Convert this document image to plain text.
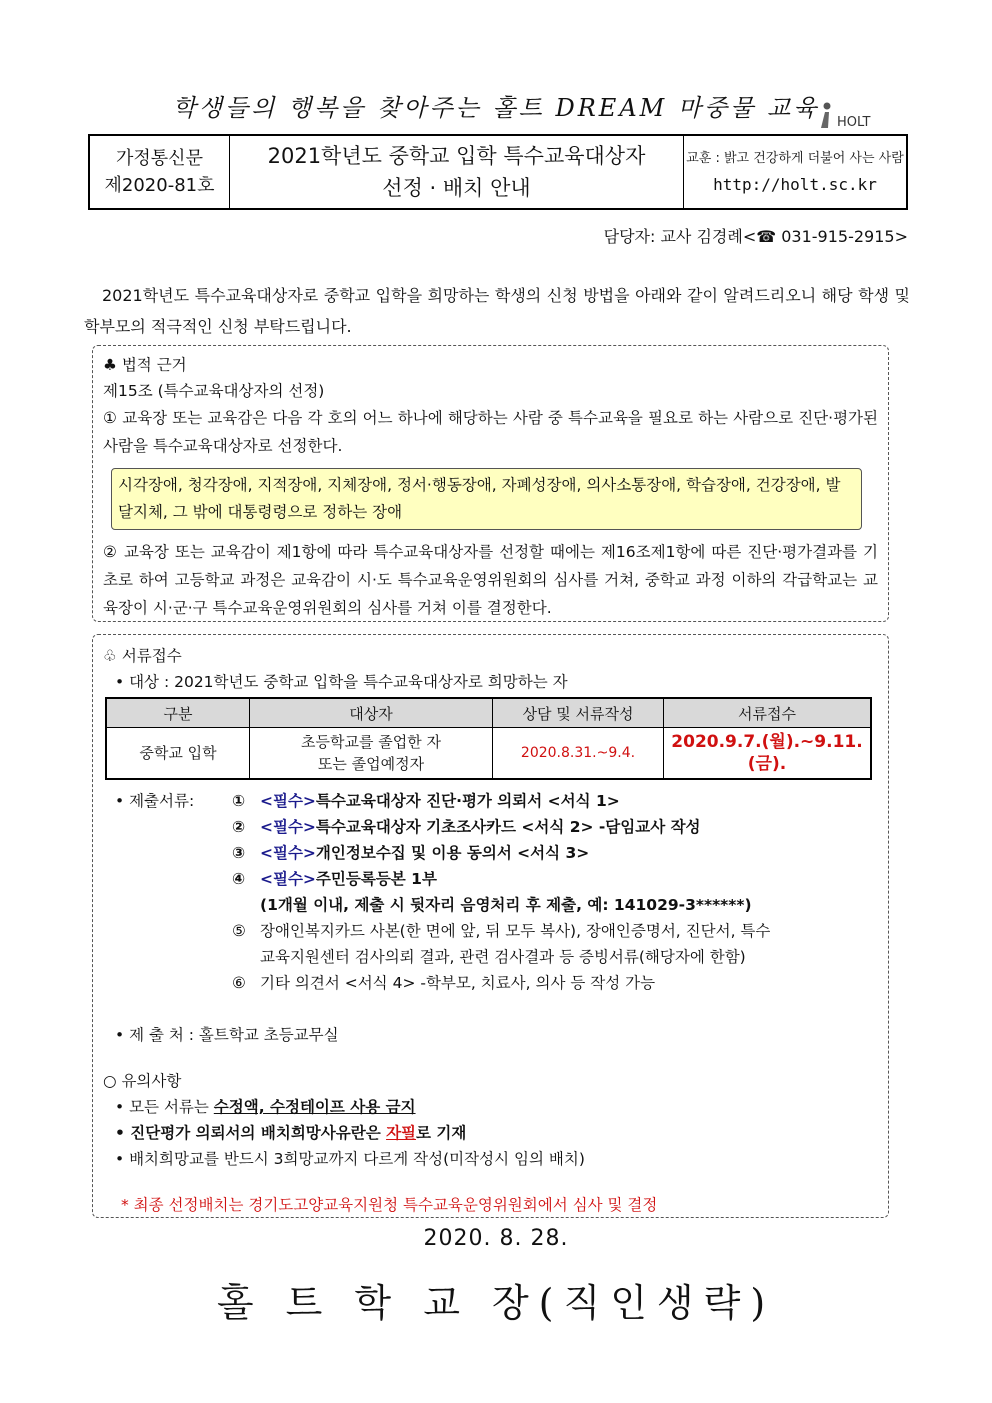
학생들의 행복을 찾아주는 홀트 DREAM 마중물 교육
HOLT
가정통신문
제2020-81호
2021학년도 중학교 입학 특수교육대상자
선정 · 배치 안내
교훈 : 밝고 건강하게 더불어 사는 사람
http://holt.sc.kr
담당자: 교사 김경례<☎ 031-915-2915>
2021학년도 특수교육대상자로 중학교 입학을 희망하는 학생의 신청 방법을 아래와 같이 알려드리오니 해당 학생 및 학부모의 적극적인 신청 부탁드립니다.
♣ 법적 근거
제15조 (특수교육대상자의 선정)
① 교육장 또는 교육감은 다음 각 호의 어느 하나에 해당하는 사람 중 특수교육을 필요로 하는 사람으로 진단·평가된 사람을 특수교육대상자로 선정한다.
시각장애, 청각장애, 지적장애, 지체장애, 정서·행동장애, 자폐성장애, 의사소통장애, 학습장애, 건강장애, 발달지체, 그 밖에 대통령령으로 정하는 장애
② 교육장 또는 교육감이 제1항에 따라 특수교육대상자를 선정할 때에는 제16조제1항에 따른 진단·평가결과를 기초로 하여 고등학교 과정은 교육감이 시·도 특수교육운영위원회의 심사를 거쳐, 중학교 과정 이하의 각급학교는 교육장이 시·군·구 특수교육운영위원회의 심사를 거쳐 이를 결정한다.
♧ 서류접수
• 대상 : 2021학년도 중학교 입학을 특수교육대상자로 희망하는 자
구분	대상자	상담 및 서류작성	서류접수
중학교 입학	초등학교를 졸업한 자
또는 졸업예정자	2020.8.31.~9.4.	2020.9.7.(월).~9.11.(금).
• 제출서류:	① <필수>특수교육대상자 진단·평가 의뢰서 <서식 1>
② <필수>특수교육대상자 기초조사카드 <서식 2> -담임교사 작성
③ <필수>개인정보수집 및 이용 동의서 <서식 3>
④ <필수>주민등록등본 1부
(1개월 이내, 제출 시 뒷자리 음영처리 후 제출, 예: 141029-3******)
⑤ 장애인복지카드 사본(한 면에 앞, 뒤 모두 복사), 장애인증명서, 진단서, 특수
교육지원센터 검사의뢰 결과, 관련 검사결과 등 증빙서류(해당자에 한함)
⑥ 기타 의견서 <서식 4> -학부모, 치료사, 의사 등 작성 가능
• 제 출 처 : 홀트학교 초등교무실
○ 유의사항
• 모든 서류는 수정액, 수정테이프 사용 금지
• 진단평가 의뢰서의 배치희망사유란은 자필로 기재
• 배치희망교를 반드시 3희망교까지 다르게 작성(미작성시 임의 배치)
* 최종 선정배치는 경기도고양교육지원청 특수교육운영위원회에서 심사 및 결정
2020. 8. 28.
홀 트 학 교 장(직인생략)
